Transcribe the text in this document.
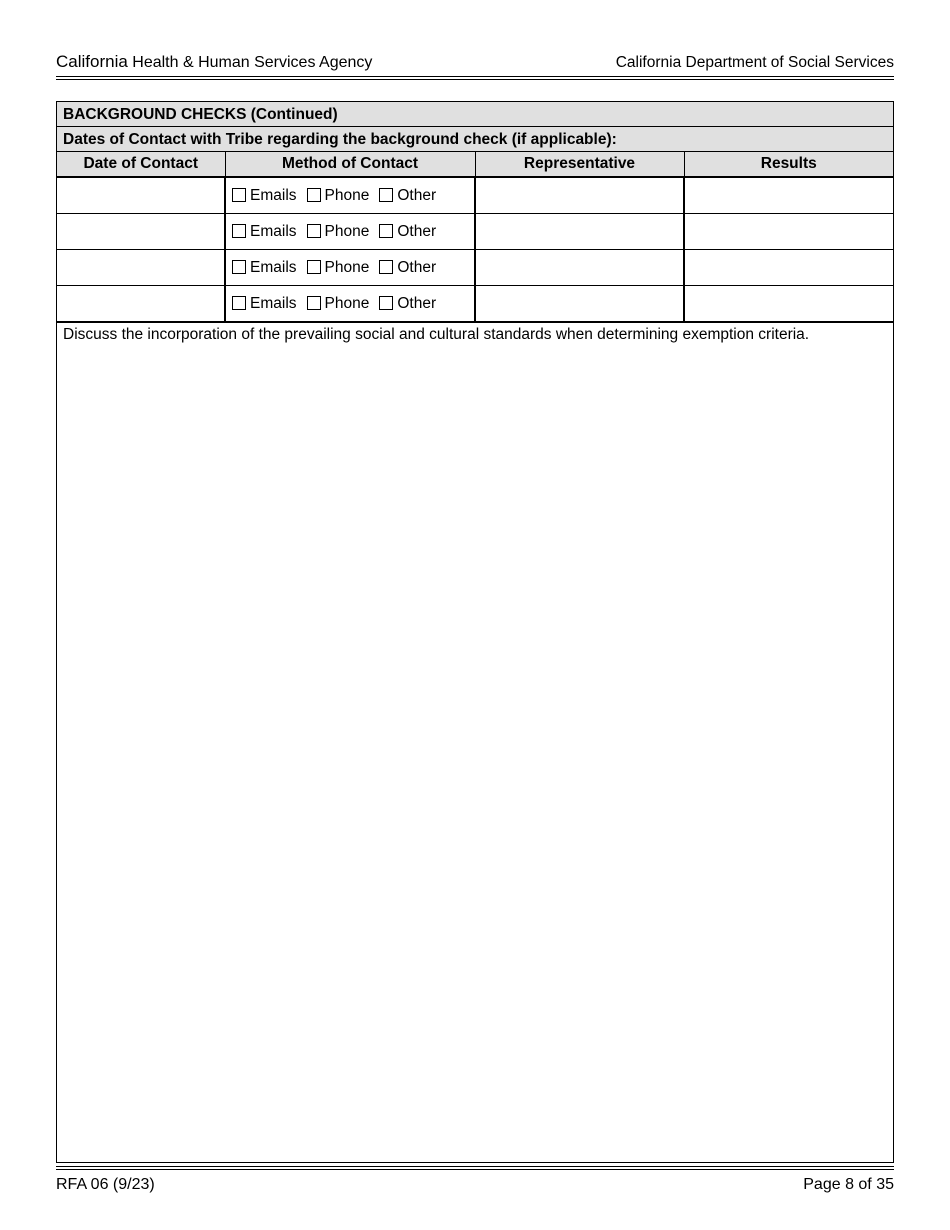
California Health & Human Services Agency	California Department of Social Services
BACKGROUND CHECKS (Continued)
Dates of Contact with Tribe regarding the background check (if applicable):
Date of Contact	Method of Contact	Representative	Results

	Emails Phone Other		

	Emails Phone Other		

	Emails Phone Other		

	Emails Phone Other		

Discuss the incorporation of the prevailing social and cultural standards when determining exemption criteria.
RFA 06 (9/23)	Page 8 of 35
